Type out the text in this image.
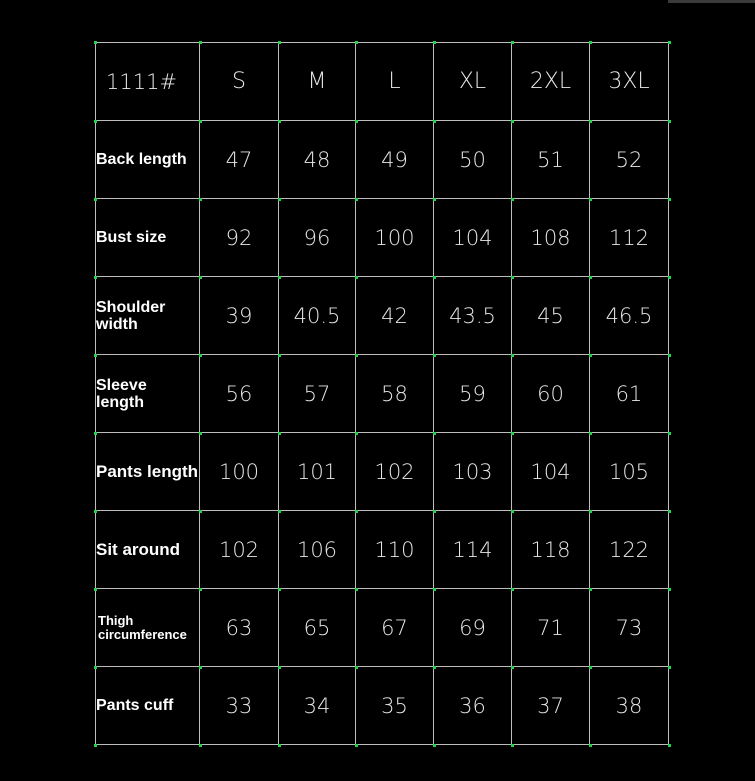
1111#	S	M	L	XL	2XL	3XL
Back length	47	48	49	50	51	52
Bust size	92	96	100	104	108	112
Shoulder width	39	40.5	42	43.5	45	46.5
Sleeve length	56	57	58	59	60	61
Pants length	100	101	102	103	104	105
Sit around	102	106	110	114	118	122
Thigh circumference	63	65	67	69	71	73
Pants cuff	33	34	35	36	37	38
